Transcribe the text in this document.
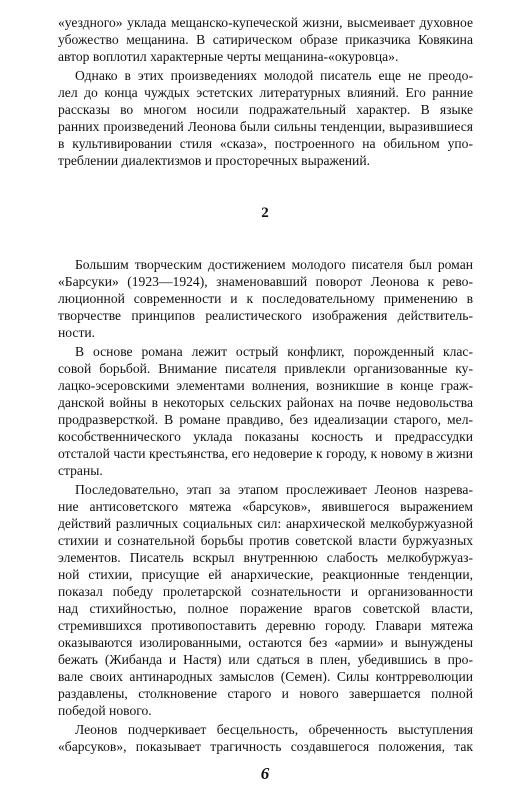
«уездного» уклада мещанско-купеческой жизни, высмеивает духовное
убожество мещанина. В сатирическом образе приказчика Ковякина
автор воплотил характерные черты мещанина-«окуровца».
Однако в этих произведениях молодой писатель еще не преодо-
лел до конца чуждых эстетских литературных влияний. Его ранние
рассказы во многом носили подражательный характер. В языке
ранних произведений Леонова были сильны тенденции, выразившиеся
в культивировании стиля «сказа», построенного на обильном упо-
треблении диалектизмов и просторечных выражений.
2
Большим творческим достижением молодого писателя был роман
«Барсуки» (1923—1924), знаменовавший поворот Леонова к рево-
люционной современности и к последовательному применению в
творчестве принципов реалистического изображения действитель-
ности.
В основе романа лежит острый конфликт, порожденный клас-
совой борьбой. Внимание писателя привлекли организованные ку-
лацко-эсеровскими элементами волнения, возникшие в конце граж-
данской войны в некоторых сельских районах на почве недовольства
продразверсткой. В романе правдиво, без идеализации старого, мел-
кособственнического уклада показаны косность и предрассудки
отсталой части крестьянства, его недоверие к городу, к новому в жизни
страны.
Последовательно, этап за этапом прослеживает Леонов назрева-
ние антисоветского мятежа «барсуков», явившегося выражением
действий различных социальных сил: анархической мелкобуржуазной
стихии и сознательной борьбы против советской власти буржуазных
элементов. Писатель вскрыл внутреннюю слабость мелкобуржуаз-
ной стихии, присущие ей анархические, реакционные тенденции,
показал победу пролетарской сознательности и организованности
над стихийностью, полное поражение врагов советской власти,
стремившихся противопоставить деревню городу. Главари мятежа
оказываются изолированными, остаются без «армии» и вынуждены
бежать (Жибанда и Настя) или сдаться в плен, убедившись в про-
вале своих антинародных замыслов (Семен). Силы контрреволюции
раздавлены, столкновение старого и нового завершается полной
победой нового.
Леонов подчеркивает бесцельность, обреченность выступления
«барсуков», показывает трагичность создавшегося положения, так
6
